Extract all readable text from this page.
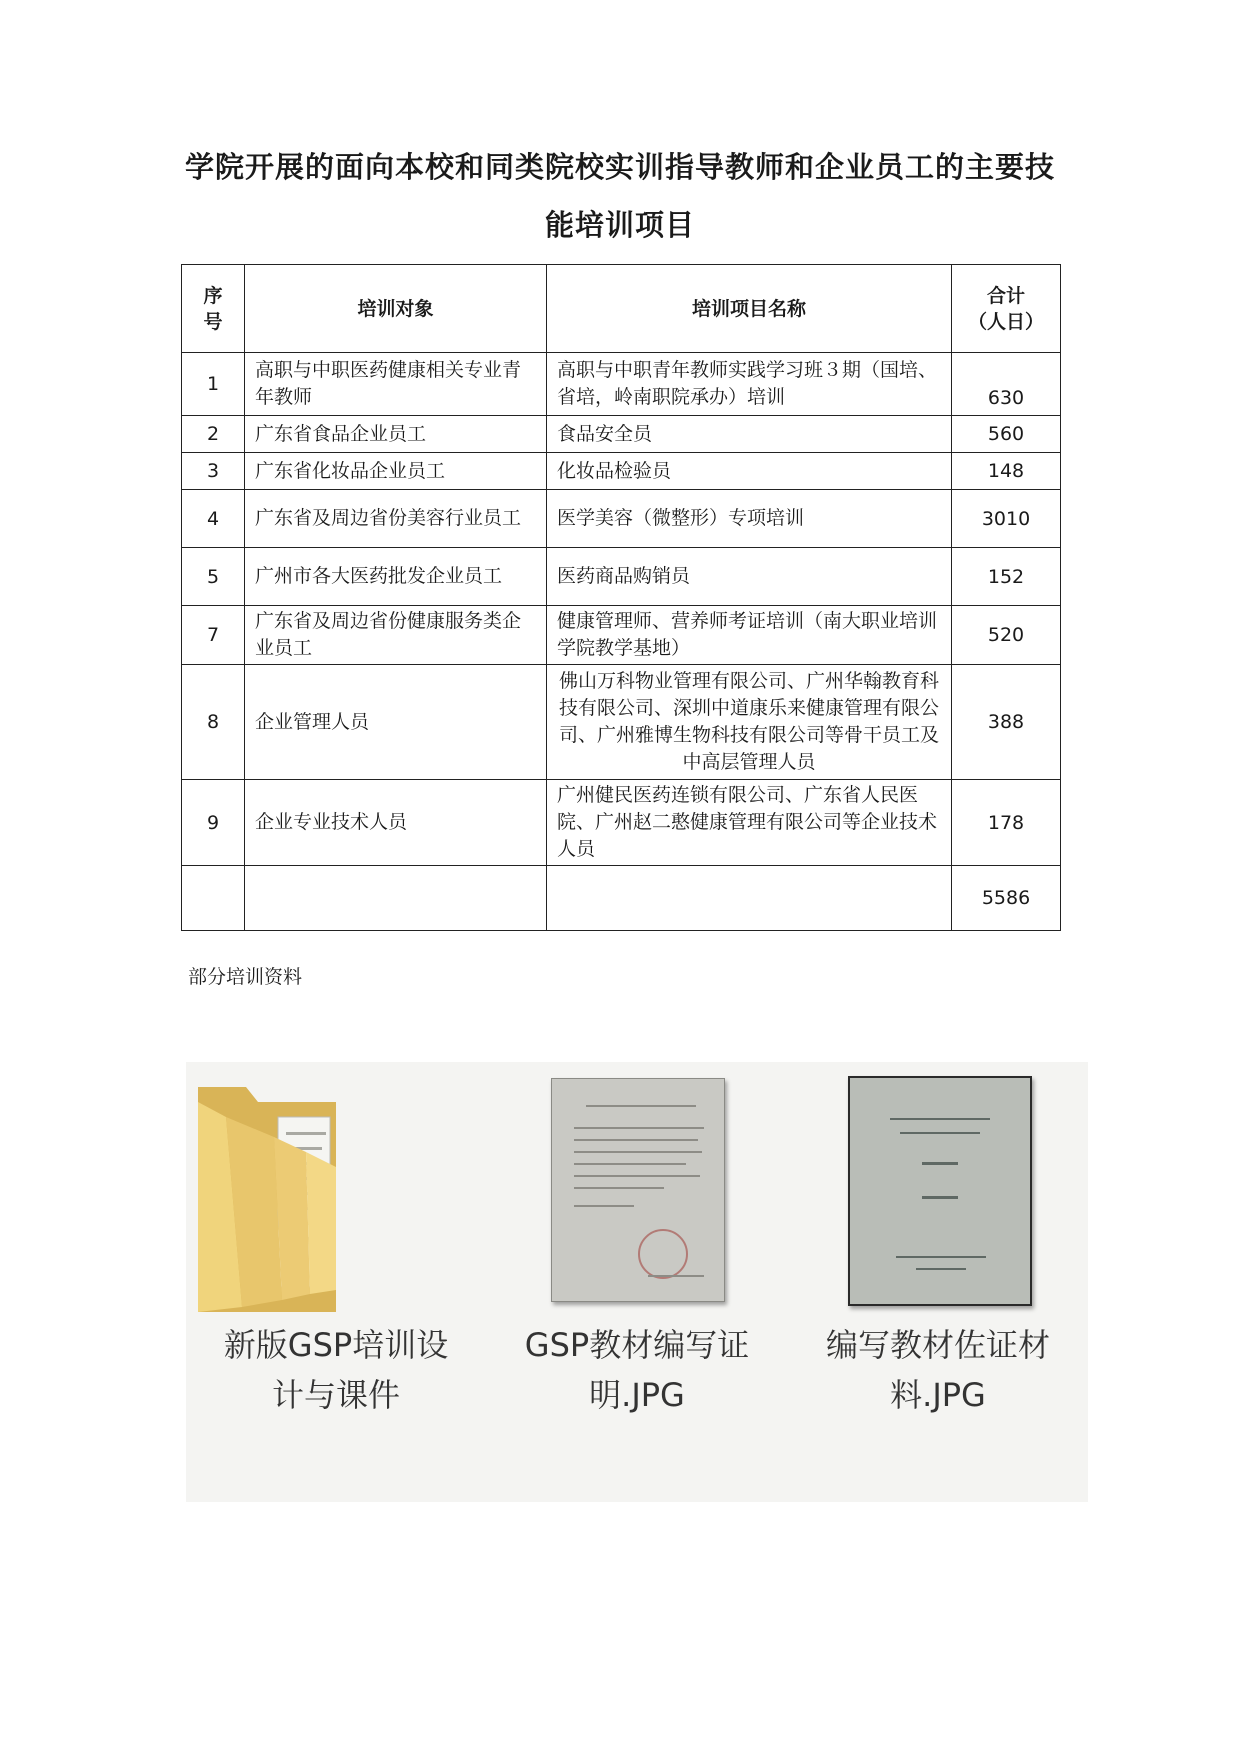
学院开展的面向本校和同类院校实训指导教师和企业员工的主要技
能培训项目
序号	培训对象	培训项目名称	合计
（人日）

1	高职与中职医药健康相关专业青年教师	高职与中职青年教师实践学习班３期（国培、省培，岭南职院承办）培训	630
2	广东省食品企业员工	食品安全员	560
3	广东省化妆品企业员工	化妆品检验员	148
4	广东省及周边省份美容行业员工	医学美容（微整形）专项培训	3010
5	广州市各大医药批发企业员工	医药商品购销员	152
7	广东省及周边省份健康服务类企业员工	健康管理师、营养师考证培训（南大职业培训学院教学基地）	520
8	企业管理人员	佛山万科物业管理有限公司、广州华翰教育科技有限公司、深圳中道康乐来健康管理有限公司、广州雅博生物科技有限公司等骨干员工及中高层管理人员	388
9	企业专业技术人员	广州健民医药连锁有限公司、广东省人民医院、广州赵二憨健康管理有限公司等企业技术人员	178
			5586
部分培训资料
新版GSP培训设
计与课件
GSP教材编写证
明.JPG
编写教材佐证材
料.JPG
